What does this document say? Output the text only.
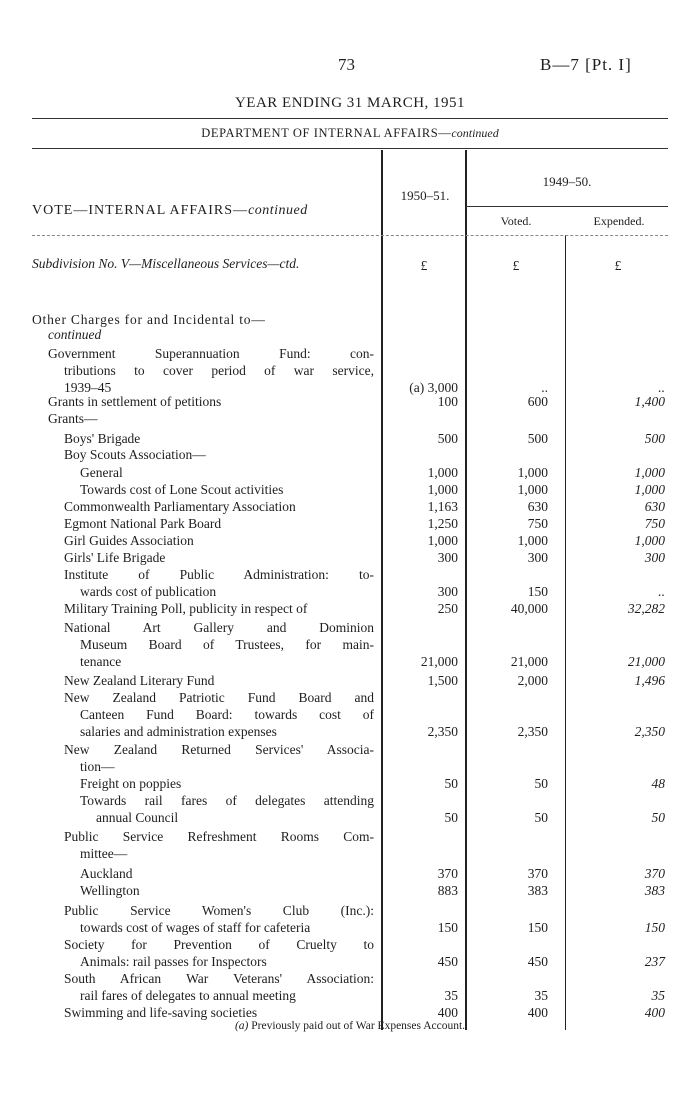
73	B—7 [Pt. I]
YEAR ENDING 31 MARCH, 1951
DEPARTMENT OF INTERNAL AFFAIRS—continued
VOTE—INTERNAL AFFAIRS—continued
1950–51.
1949–50.
Voted.	Expended.
Subdivision No. V—Miscellaneous Services—ctd.	£	£	£
Other Charges for and Incidental to—
continued
Government Superannuation Fund: con-
tributions to cover period of war service,
1939–45	(a) 3,000	..	..
Grants in settlement of petitions	100	600	1,400
Grants—
Boys' Brigade	500	500	500
Boy Scouts Association—
General	1,000	1,000	1,000
Towards cost of Lone Scout activities	1,000	1,000	1,000
Commonwealth Parliamentary Association	1,163	630	630
Egmont National Park Board	1,250	750	750
Girl Guides Association	1,000	1,000	1,000
Girls' Life Brigade	300	300	300
Institute of Public Administration: to-
wards cost of publication	300	150	..
Military Training Poll, publicity in respect of	250	40,000	32,282
National Art Gallery and Dominion
Museum Board of Trustees, for main-
tenance	21,000	21,000	21,000
New Zealand Literary Fund	1,500	2,000	1,496
New Zealand Patriotic Fund Board and
Canteen Fund Board: towards cost of
salaries and administration expenses	2,350	2,350	2,350
New Zealand Returned Services' Associa-
tion—
Freight on poppies	50	50	48
Towards rail fares of delegates attending
annual Council	50	50	50
Public Service Refreshment Rooms Com-
mittee—
Auckland	370	370	370
Wellington	883	383	383
Public Service Women's Club (Inc.):
towards cost of wages of staff for cafeteria	150	150	150
Society for Prevention of Cruelty to
Animals: rail passes for Inspectors	450	450	237
South African War Veterans' Association:
rail fares of delegates to annual meeting	35	35	35
Swimming and life-saving societies	400	400	400
(a) Previously paid out of War Expenses Account.
